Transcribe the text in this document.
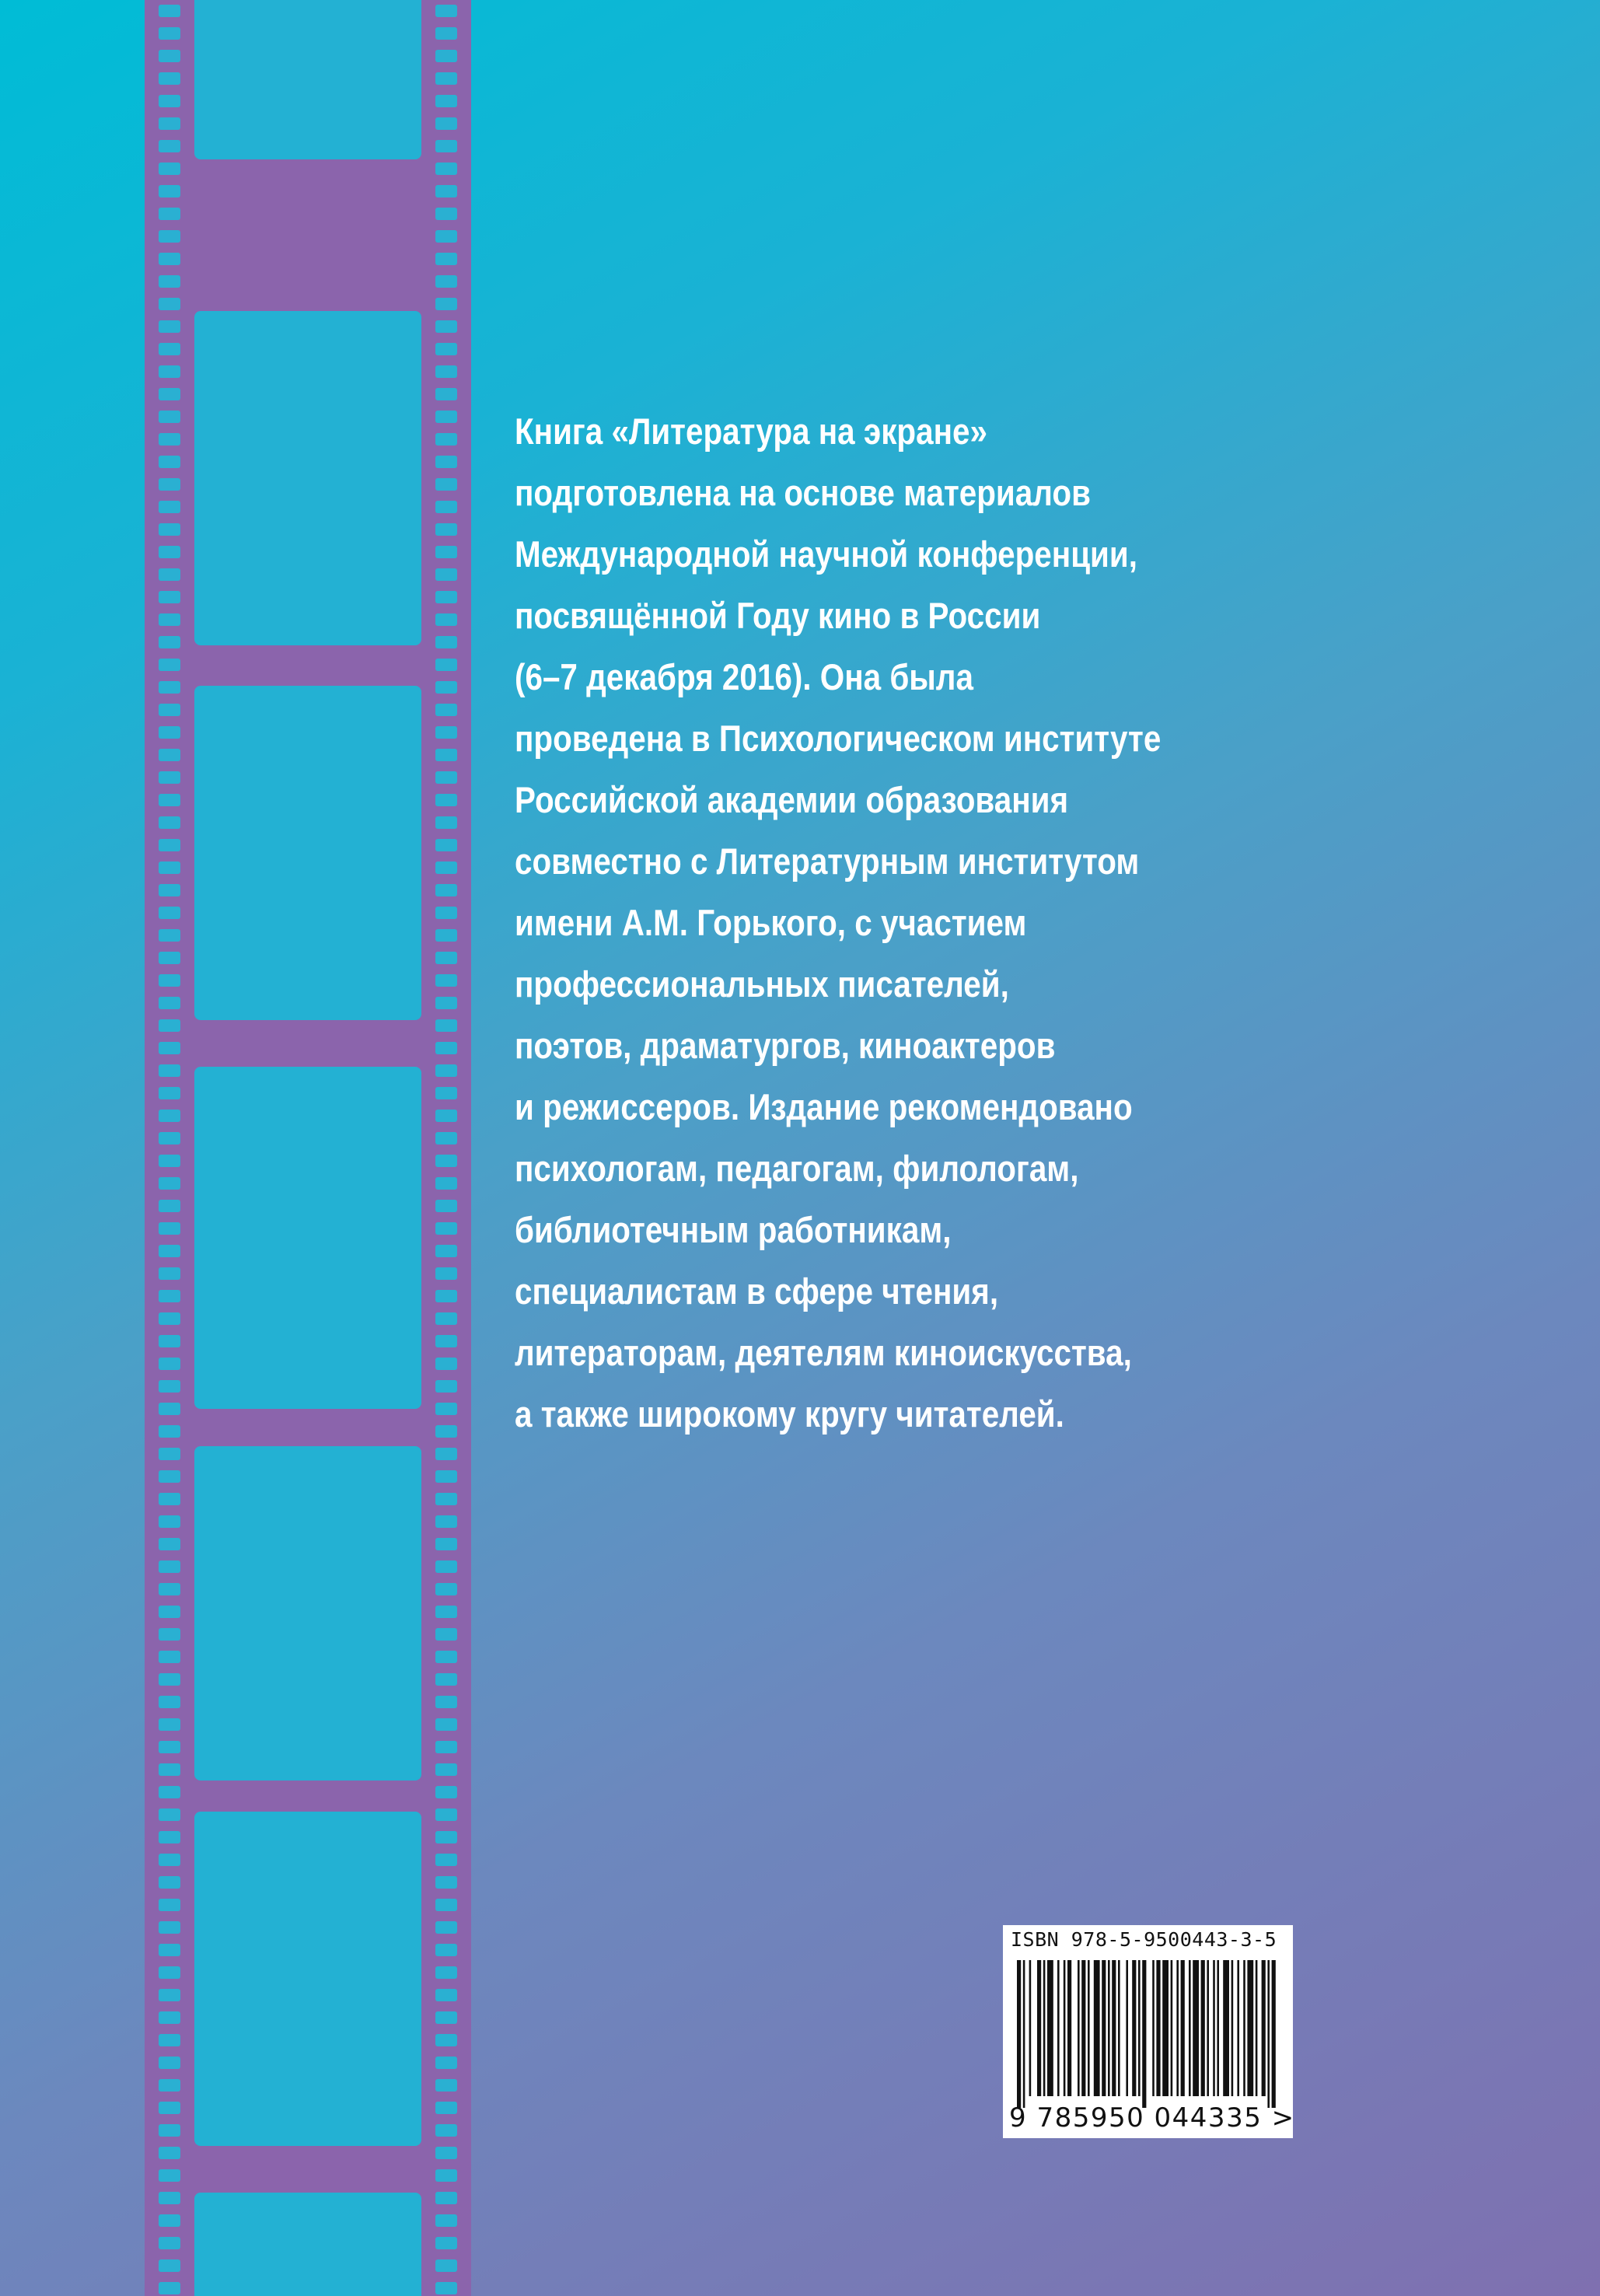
Книга «Литература на экране»
подготовлена на основе материалов
Международной научной конференции,
посвящённой Году кино в России
(6–7 декабря 2016). Она была
проведена в Психологическом институте
Российской академии образования
совместно с Литературным институтом
имени А.М. Горького, с участием
профессиональных писателей,
поэтов, драматургов, киноактеров
и режиссеров. Издание рекомендовано
психологам, педагогам, филологам,
библиотечным работникам,
специалистам в сфере чтения,
литераторам, деятелям киноискусства,
а также широкому кругу читателей.
ISBN 978-5-9500443-3-5
9 785950 044335 >
